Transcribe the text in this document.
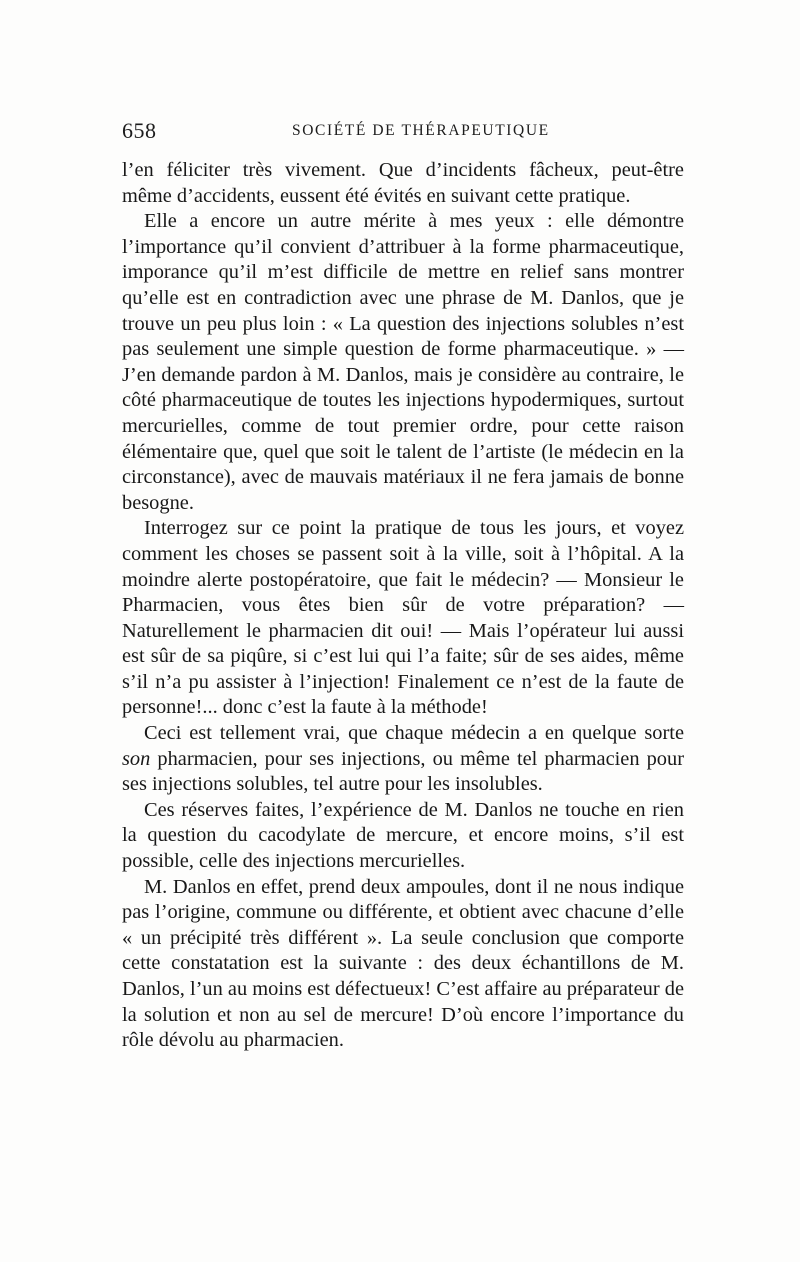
658	SOCIÉTÉ DE THÉRAPEUTIQUE

l’en féliciter très vivement. Que d’incidents fâcheux, peut-être même d’accidents, eussent été évités en suivant cette pratique.

Elle a encore un autre mérite à mes yeux : elle démontre l’importance qu’il convient d’attribuer à la forme pharmaceutique, imporance qu’il m’est difficile de mettre en relief sans montrer qu’elle est en contradiction avec une phrase de M. Danlos, que je trouve un peu plus loin : « La question des injections solubles n’est pas seulement une simple question de forme pharmaceutique. » — J’en demande pardon à M. Danlos, mais je considère au contraire, le côté pharmaceutique de toutes les injections hypodermiques, surtout mercurielles, comme de tout premier ordre, pour cette raison élémentaire que, quel que soit le talent de l’artiste (le médecin en la circonstance), avec de mauvais matériaux il ne fera jamais de bonne besogne.

Interrogez sur ce point la pratique de tous les jours, et voyez comment les choses se passent soit à la ville, soit à l’hôpital. A la moindre alerte postopératoire, que fait le médecin? — Monsieur le Pharmacien, vous êtes bien sûr de votre préparation? — Naturellement le pharmacien dit oui! — Mais l’opérateur lui aussi est sûr de sa piqûre, si c’est lui qui l’a faite; sûr de ses aides, même s’il n’a pu assister à l’injection! Finalement ce n’est de la faute de personne!... donc c’est la faute à la méthode!

Ceci est tellement vrai, que chaque médecin a en quelque sorte son pharmacien, pour ses injections, ou même tel pharmacien pour ses injections solubles, tel autre pour les insolubles.

Ces réserves faites, l’expérience de M. Danlos ne touche en rien la question du cacodylate de mercure, et encore moins, s’il est possible, celle des injections mercurielles.

M. Danlos en effet, prend deux ampoules, dont il ne nous indique pas l’origine, commune ou différente, et obtient avec chacune d’elle « un précipité très différent ». La seule conclusion que comporte cette constatation est la suivante : des deux échantillons de M. Danlos, l’un au moins est défectueux! C’est affaire au préparateur de la solution et non au sel de mercure! D’où encore l’importance du rôle dévolu au pharmacien.
